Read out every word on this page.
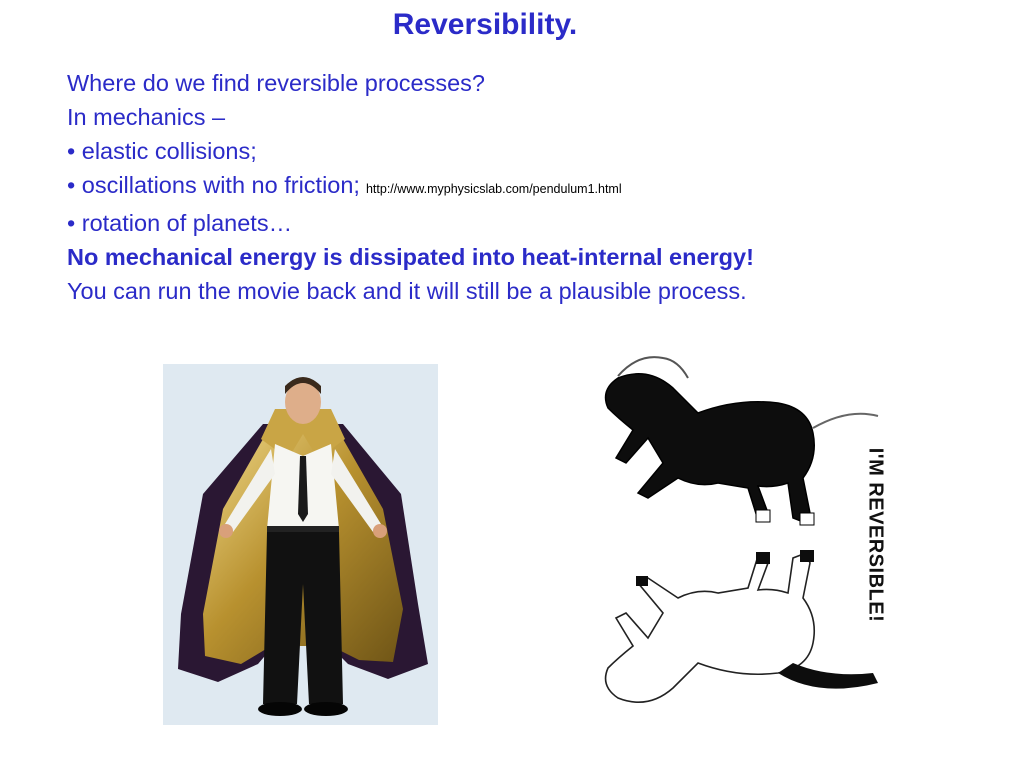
Reversibility.
Where do we find reversible processes?
In mechanics –
• elastic collisions;
• oscillations with no friction; http://www.myphysicslab.com/pendulum1.html
• rotation of planets…
No mechanical energy is dissipated into heat-internal energy!
You can run the movie back and it will still be a plausible process.
I'M REVERSIBLE!
